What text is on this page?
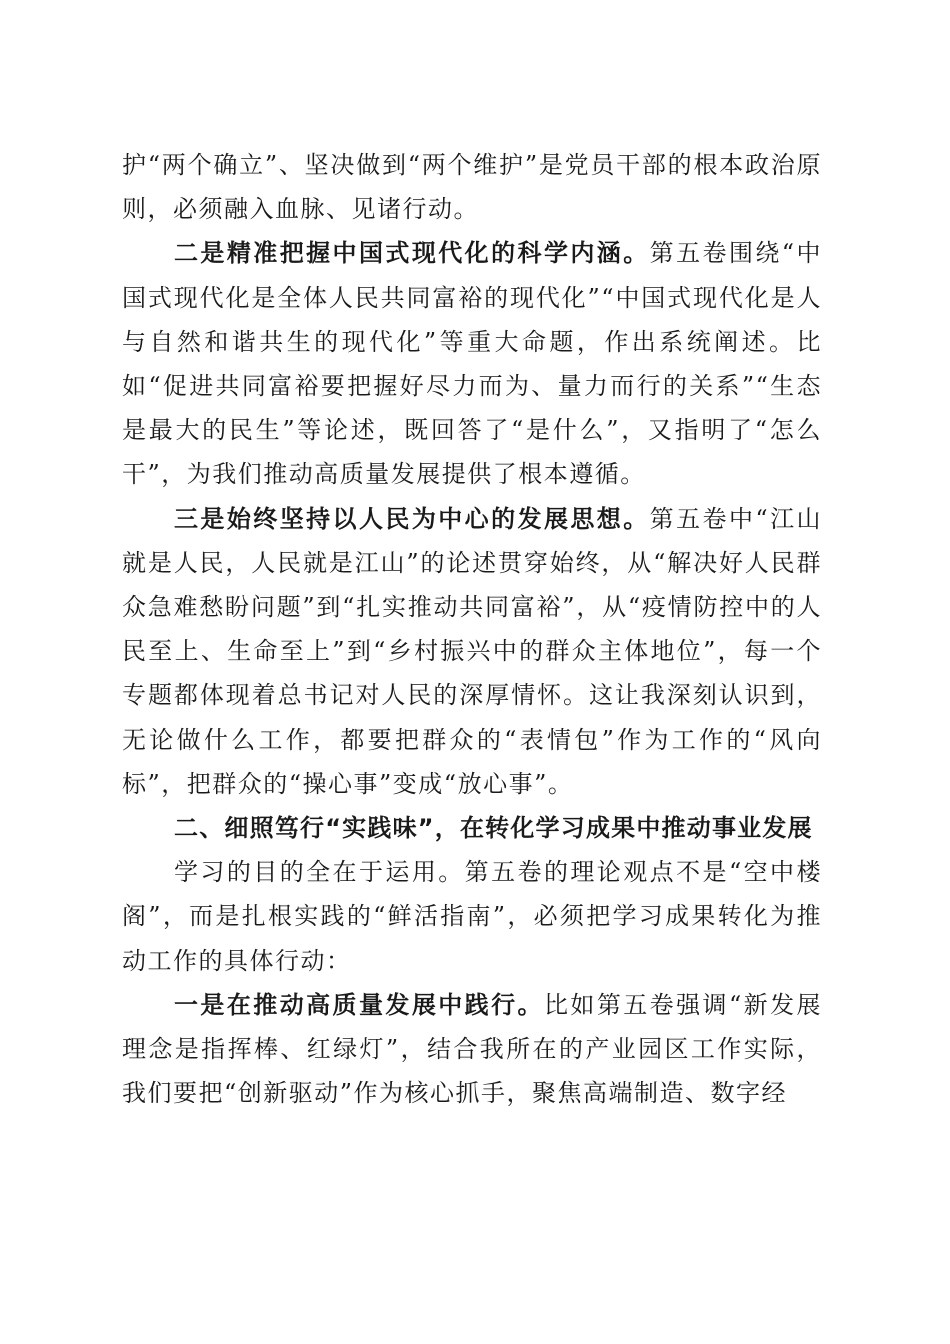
护“两个确立”、坚决做到“两个维护”是党员干部的根本政治原则，必须融入血脉、见诸行动。

二是精准把握中国式现代化的科学内涵。第五卷围绕“中国式现代化是全体人民共同富裕的现代化”“中国式现代化是人与自然和谐共生的现代化”等重大命题，作出系统阐述。比如“促进共同富裕要把握好尽力而为、量力而行的关系”“生态是最大的民生”等论述，既回答了“是什么”，又指明了“怎么干”，为我们推动高质量发展提供了根本遵循。

三是始终坚持以人民为中心的发展思想。第五卷中“江山就是人民，人民就是江山”的论述贯穿始终，从“解决好人民群众急难愁盼问题”到“扎实推动共同富裕”，从“疫情防控中的人民至上、生命至上”到“乡村振兴中的群众主体地位”，每一个专题都体现着总书记对人民的深厚情怀。这让我深刻认识到，无论做什么工作，都要把群众的“表情包”作为工作的“风向标”，把群众的“操心事”变成“放心事”。

二、细照笃行“实践味”，在转化学习成果中推动事业发展

学习的目的全在于运用。第五卷的理论观点不是“空中楼阁”，而是扎根实践的“鲜活指南”，必须把学习成果转化为推动工作的具体行动：

一是在推动高质量发展中践行。比如第五卷强调“新发展理念是指挥棒、红绿灯”，结合我所在的产业园区工作实际，我们要把“创新驱动”作为核心抓手，聚焦高端制造、数字经
